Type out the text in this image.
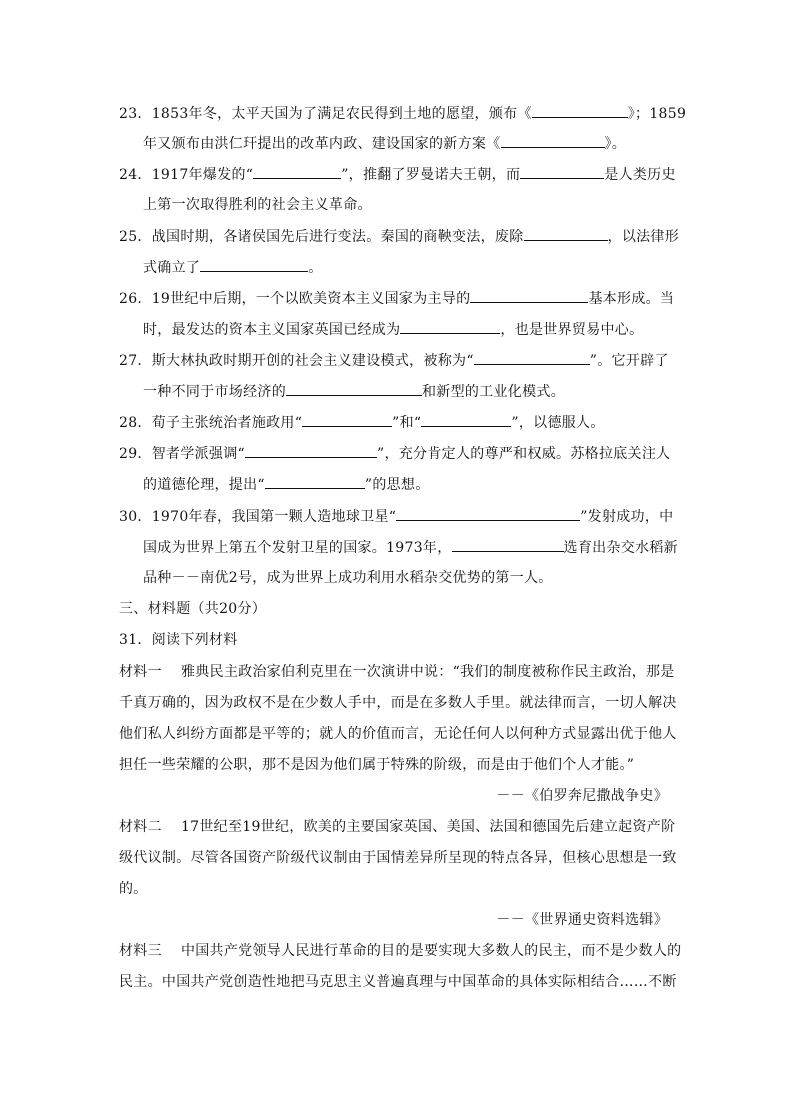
23．1853年冬，太平天国为了满足农民得到土地的愿望，颁布《	》；1859
年又颁布由洪仁玕提出的改革内政、建设国家的新方案《	》。
24．1917年爆发的“	”，推翻了罗曼诺夫王朝，而	是人类历史
上第一次取得胜利的社会主义革命。
25．战国时期，各诸侯国先后进行变法。秦国的商鞅变法，废除	，以法律形
式确立了	。
26．19世纪中后期，一个以欧美资本主义国家为主导的	基本形成。当
时，最发达的资本主义国家英国已经成为	，也是世界贸易中心。
27．斯大林执政时期开创的社会主义建设模式，被称为“	”。它开辟了
一种不同于市场经济的	和新型的工业化模式。
28．荀子主张统治者施政用“	”和“	”，以德服人。
29．智者学派强调“	”，充分肯定人的尊严和权威。苏格拉底关注人
的道德伦理，提出“	”的思想。
30．1970年春，我国第一颗人造地球卫星“	”发射成功，中
国成为世界上第五个发射卫星的国家。1973年，	选育出杂交水稻新
品种－－南优2号，成为世界上成功利用水稻杂交优势的第一人。
三、材料题（共20分）
31．阅读下列材料
材料一　 雅典民主政治家伯利克里在一次演讲中说：“我们的制度被称作民主政治，那是
千真万确的，因为政权不是在少数人手中，而是在多数人手里。就法律而言，一切人解决
他们私人纠纷方面都是平等的；就人的价值而言，无论任何人以何种方式显露出优于他人
担任一些荣耀的公职，那不是因为他们属于特殊的阶级，而是由于他们个人才能。”
－－《伯罗奔尼撒战争史》
材料二　 17世纪至19世纪，欧美的主要国家英国、美国、法国和德国先后建立起资产阶
级代议制。尽管各国资产阶级代议制由于国情差异所呈现的特点各异，但核心思想是一致
的。
－－《世界通史资料选辑》
材料三　 中国共产党领导人民进行革命的目的是要实现大多数人的民主，而不是少数人的
民主。中国共产党创造性地把马克思主义普遍真理与中国革命的具体实际相结合……不断
